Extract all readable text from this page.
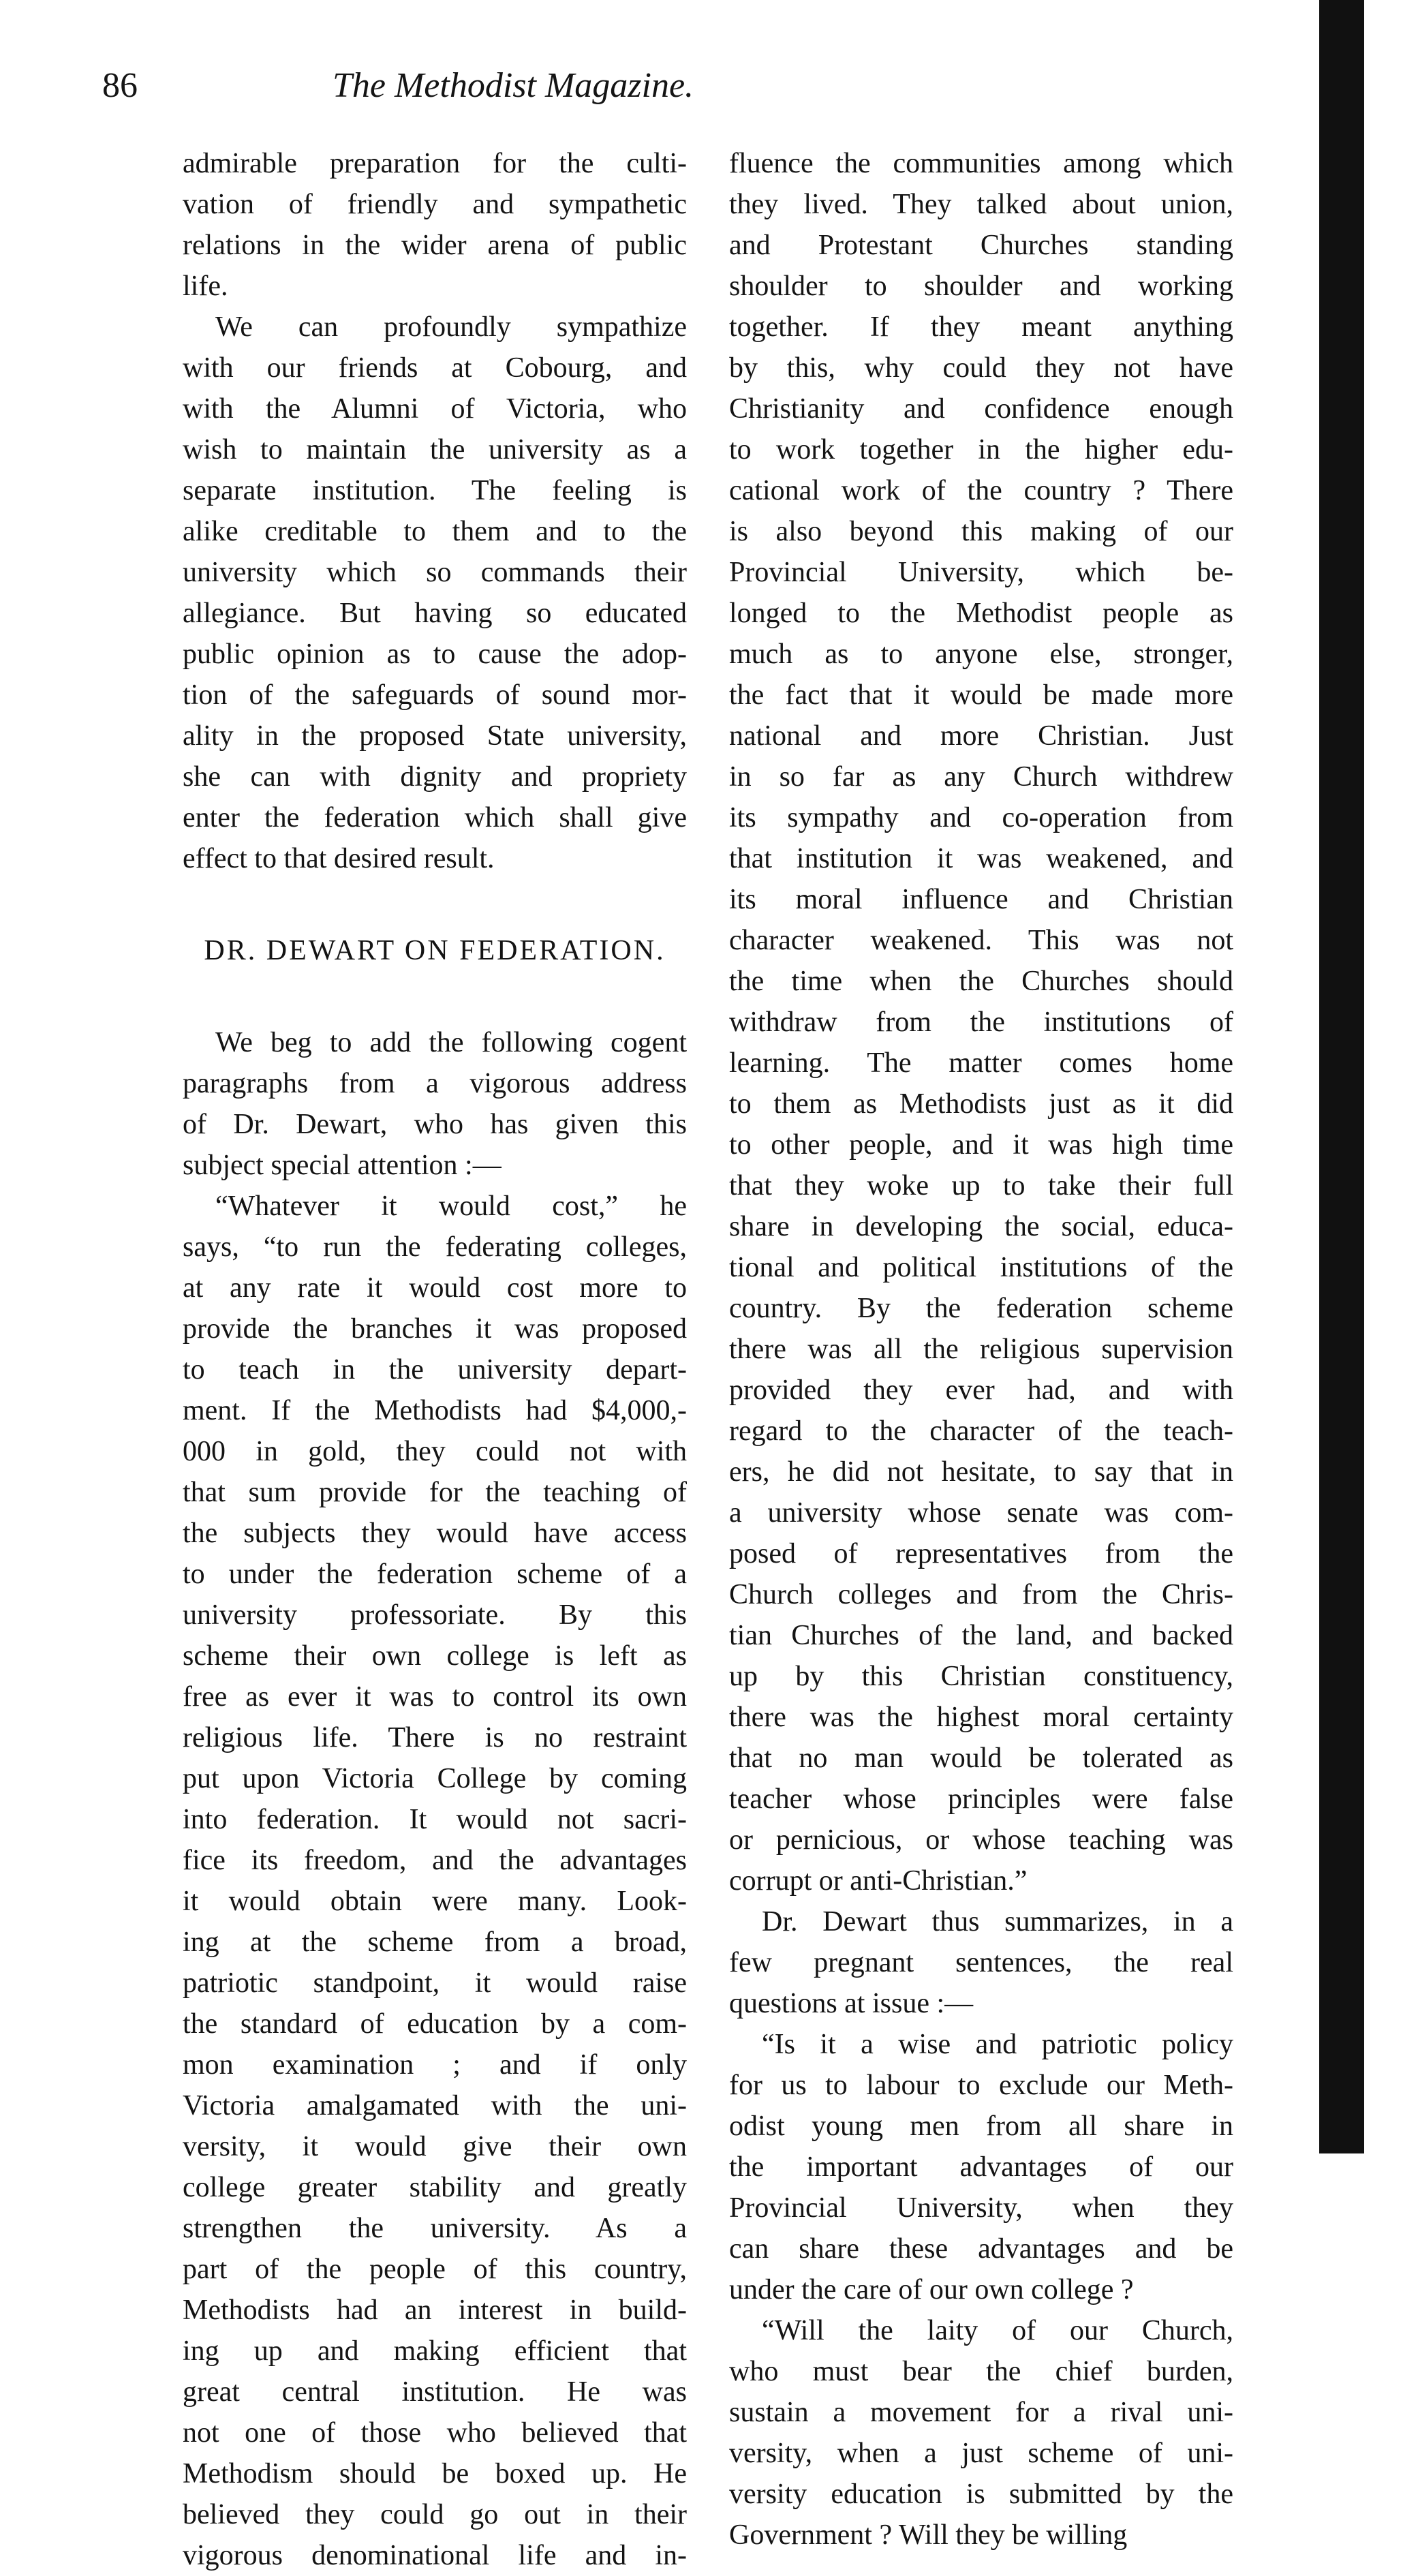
86	The Methodist Magazine.
admirable preparation for the culti-
vation of friendly and sympathetic
relations in the wider arena of public
life.
We can profoundly sympathize
with our friends at Cobourg, and
with the Alumni of Victoria, who
wish to maintain the university as a
separate institution. The feeling is
alike creditable to them and to the
university which so commands their
allegiance. But having so educated
public opinion as to cause the adop-
tion of the safeguards of sound mor-
ality in the proposed State university,
she can with dignity and propriety
enter the federation which shall give
effect to that desired result.
DR. DEWART ON FEDERATION.
We beg to add the following cogent
paragraphs from a vigorous address
of Dr. Dewart, who has given this
subject special attention :—
“Whatever it would cost,” he
says, “to run the federating colleges,
at any rate it would cost more to
provide the branches it was proposed
to teach in the university depart-
ment. If the Methodists had $4,000,-
000 in gold, they could not with
that sum provide for the teaching of
the subjects they would have access
to under the federation scheme of a
university professoriate. By this
scheme their own college is left as
free as ever it was to control its own
religious life. There is no restraint
put upon Victoria College by coming
into federation. It would not sacri-
fice its freedom, and the advantages
it would obtain were many. Look-
ing at the scheme from a broad,
patriotic standpoint, it would raise
the standard of education by a com-
mon examination ; and if only
Victoria amalgamated with the uni-
versity, it would give their own
college greater stability and greatly
strengthen the university. As a
part of the people of this country,
Methodists had an interest in build-
ing up and making efficient that
great central institution. He was
not one of those who believed that
Methodism should be boxed up. He
believed they could go out in their
vigorous denominational life and in-
fluence the communities among which
they lived. They talked about union,
and Protestant Churches standing
shoulder to shoulder and working
together. If they meant anything
by this, why could they not have
Christianity and confidence enough
to work together in the higher edu-
cational work of the country ? There
is also beyond this making of our
Provincial University, which be-
longed to the Methodist people as
much as to anyone else, stronger,
the fact that it would be made more
national and more Christian. Just
in so far as any Church withdrew
its sympathy and co-operation from
that institution it was weakened, and
its moral influence and Christian
character weakened. This was not
the time when the Churches should
withdraw from the institutions of
learning. The matter comes home
to them as Methodists just as it did
to other people, and it was high time
that they woke up to take their full
share in developing the social, educa-
tional and political institutions of the
country. By the federation scheme
there was all the religious supervision
provided they ever had, and with
regard to the character of the teach-
ers, he did not hesitate, to say that in
a university whose senate was com-
posed of representatives from the
Church colleges and from the Chris-
tian Churches of the land, and backed
up by this Christian constituency,
there was the highest moral certainty
that no man would be tolerated as
teacher whose principles were false
or pernicious, or whose teaching was
corrupt or anti-Christian.”
Dr. Dewart thus summarizes, in a
few pregnant sentences, the real
questions at issue :—
“Is it a wise and patriotic policy
for us to labour to exclude our Meth-
odist young men from all share in
the important advantages of our
Provincial University, when they
can share these advantages and be
under the care of our own college ?
“Will the laity of our Church,
who must bear the chief burden,
sustain a movement for a rival uni-
versity, when a just scheme of uni-
versity education is submitted by the
Government ? Will they be willing
